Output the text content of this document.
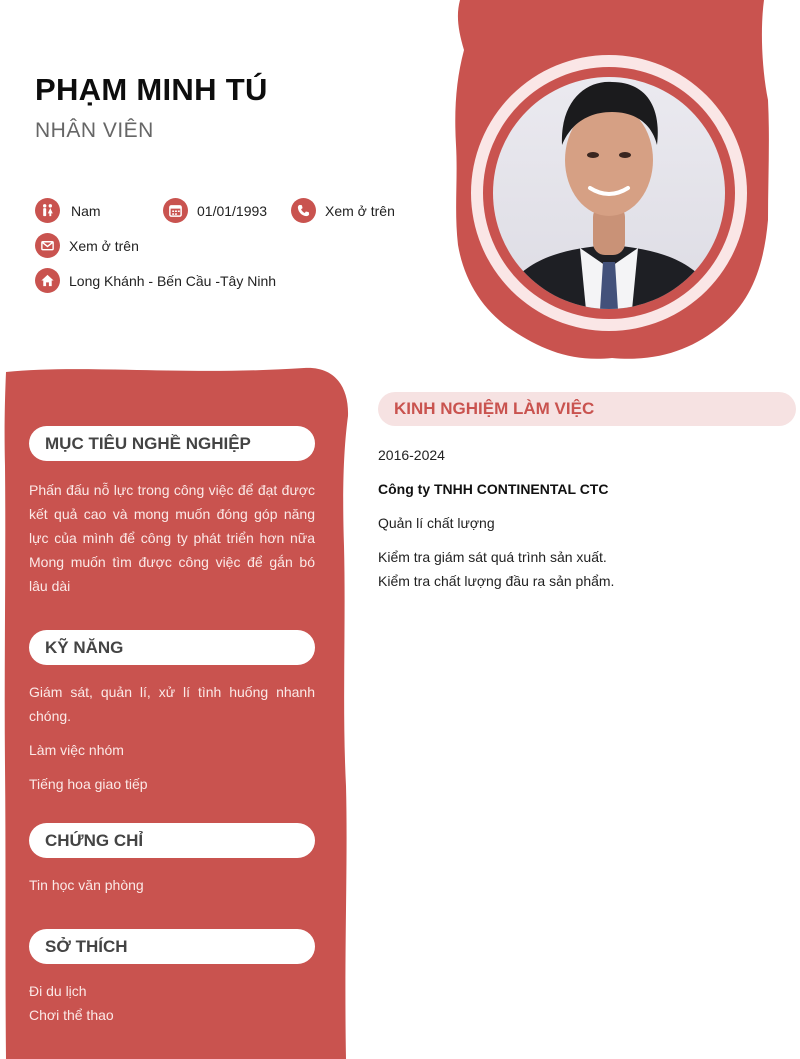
PHẠM MINH TÚ
NHÂN VIÊN
Nam	01/01/1993	Xem ở trên
Xem ở trên
Long Khánh - Bến Cầu -Tây Ninh
MỤC TIÊU NGHỀ NGHIỆP
Phấn đấu nỗ lực trong công việc để đạt được kết quả cao và mong muốn đóng góp năng lực của mình để công ty phát triển hơn nữa Mong muốn tìm được công việc để gắn bó lâu dài
KỸ NĂNG
Giám sát, quản lí, xử lí tình huống nhanh chóng.
Làm việc nhóm
Tiếng hoa giao tiếp
CHỨNG CHỈ
Tin học văn phòng
SỞ THÍCH
Đi du lịch
Chơi thể thao
KINH NGHIỆM LÀM VIỆC
2016-2024
Công ty TNHH CONTINENTAL CTC
Quản lí chất lượng
Kiểm tra giám sát quá trình sản xuất.
Kiểm tra chất lượng đầu ra sản phẩm.
